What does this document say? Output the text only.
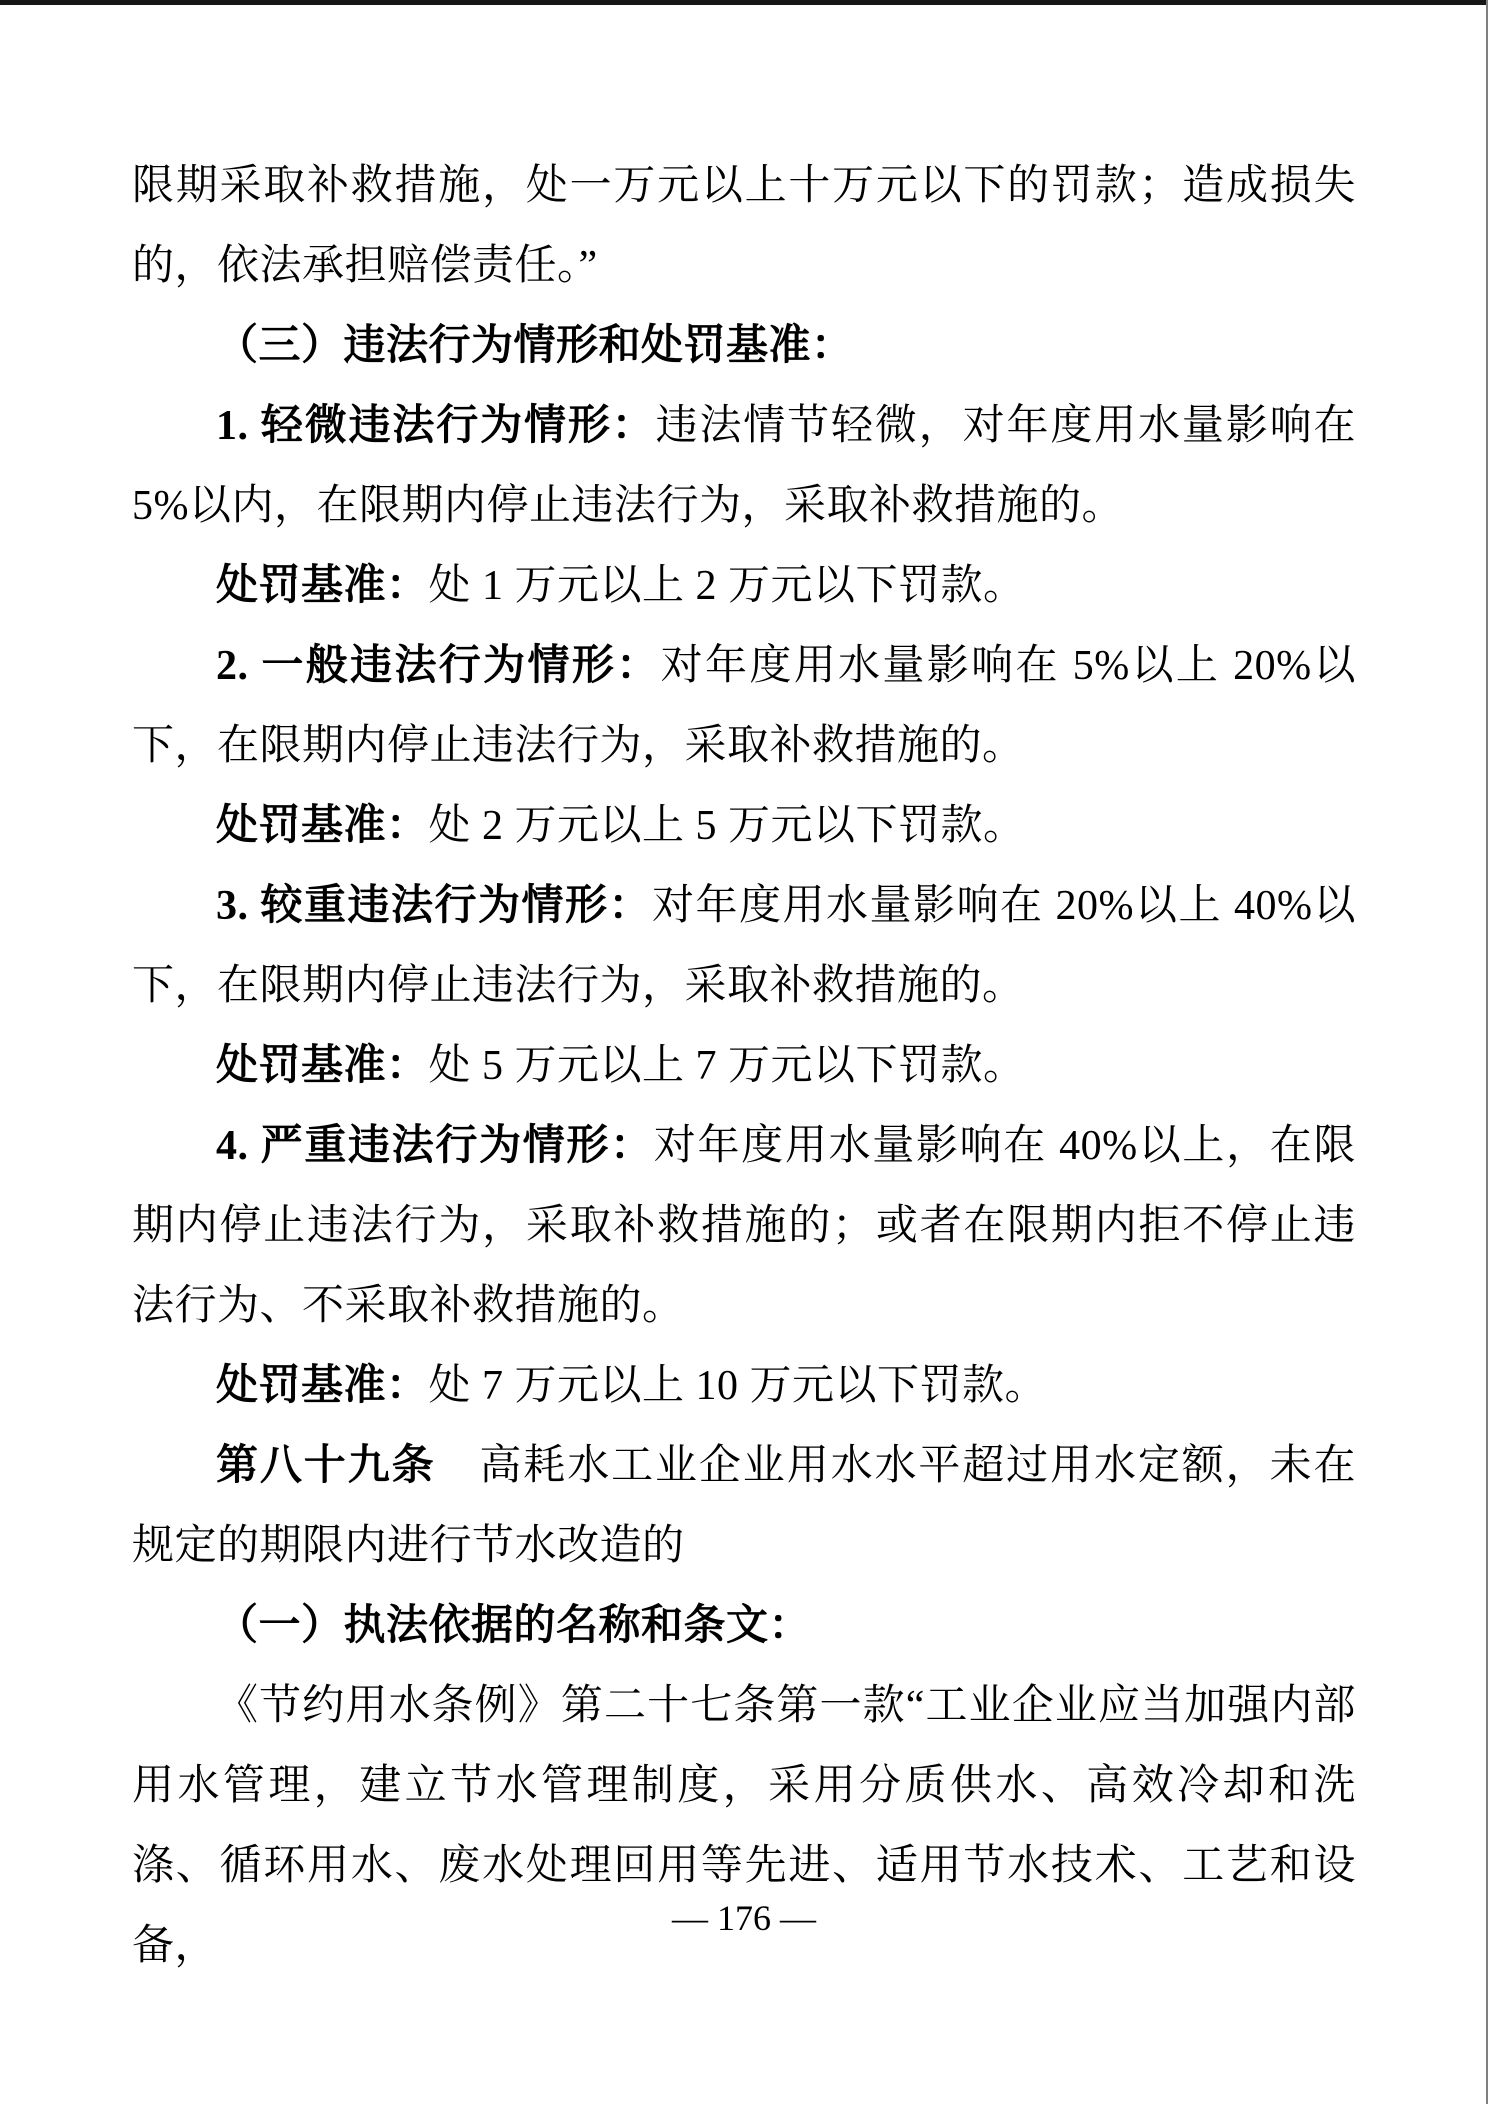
限期采取补救措施，处一万元以上十万元以下的罚款；造成损失的，依法承担赔偿责任。”

（三）违法行为情形和处罚基准：

1. 轻微违法行为情形：违法情节轻微，对年度用水量影响在 5%以内，在限期内停止违法行为，采取补救措施的。

处罚基准：处 1 万元以上 2 万元以下罚款。

2. 一般违法行为情形：对年度用水量影响在 5%以上 20%以下，在限期内停止违法行为，采取补救措施的。

处罚基准：处 2 万元以上 5 万元以下罚款。

3. 较重违法行为情形：对年度用水量影响在 20%以上 40%以下，在限期内停止违法行为，采取补救措施的。

处罚基准：处 5 万元以上 7 万元以下罚款。

4. 严重违法行为情形：对年度用水量影响在 40%以上，在限期内停止违法行为，采取补救措施的；或者在限期内拒不停止违法行为、不采取补救措施的。

处罚基准：处 7 万元以上 10 万元以下罚款。

第八十九条　高耗水工业企业用水水平超过用水定额，未在规定的期限内进行节水改造的

（一）执法依据的名称和条文：

《节约用水条例》第二十七条第一款“工业企业应当加强内部用水管理，建立节水管理制度，采用分质供水、高效冷却和洗涤、循环用水、废水处理回用等先进、适用节水技术、工艺和设备，

— 176 —
